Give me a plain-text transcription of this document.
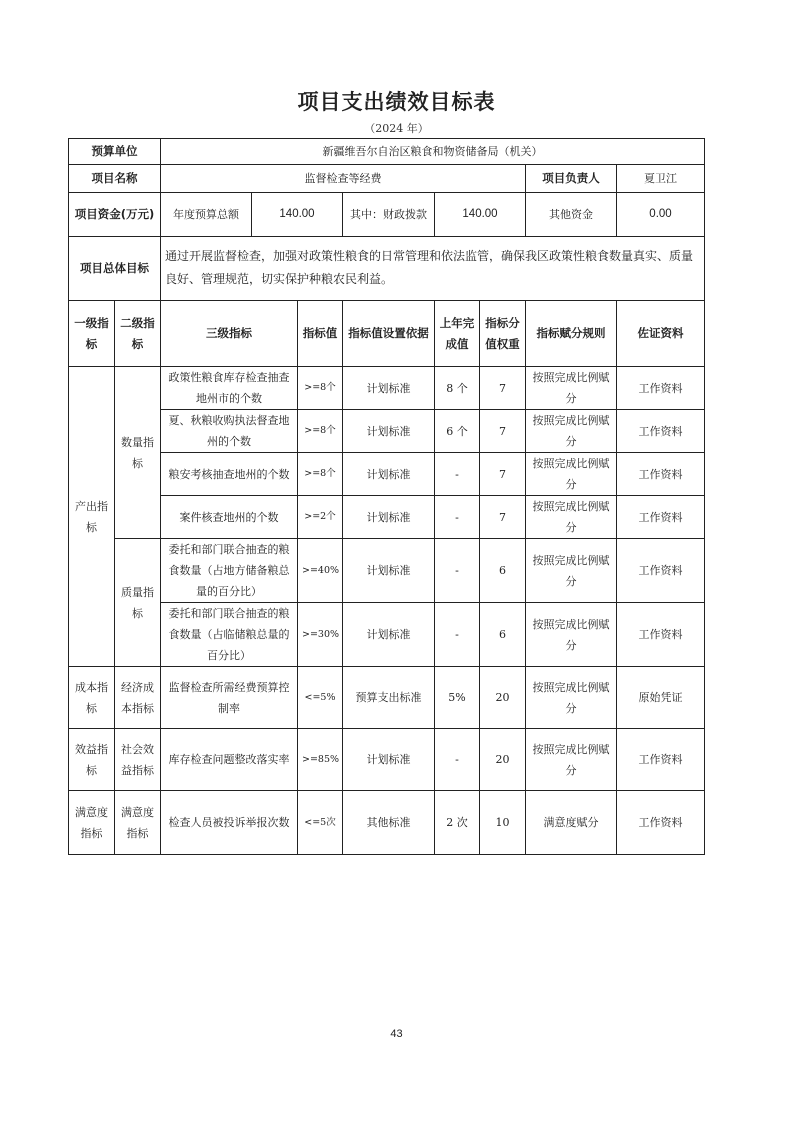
项目支出绩效目标表
（2024 年）
预算单位		新疆维吾尔自治区粮食和物资储备局（机关）							
项目名称		监督检查等经费						项目负责人	夏卫江
项目资金(万元)		年度预算总额	140.00		其中：财政拨款	140.00		其他资金	0.00
项目总体目标		通过开展监督检查，加强对政策性粮食的日常管理和依法监管，确保我区政策性粮食数量真实、质量良好、管理规范，切实保护种粮农民利益。							
一级指标	二级指标	三级指标		指标值	指标值设置依据	上年完成值	指标分值权重	指标赋分规则	佐证资料
产出指标	数量指标	政策性粮食库存检查抽查地州市的个数		>=8个	计划标准	8 个	7	按照完成比例赋分	工作资料
		夏、秋粮收购执法督查地州的个数		>=8个	计划标准	6 个	7	按照完成比例赋分	工作资料
		粮安考核抽查地州的个数		>=8个	计划标准	-	7	按照完成比例赋分	工作资料
		案件核查地州的个数		>=2个	计划标准	-	7	按照完成比例赋分	工作资料
	质量指标	委托和部门联合抽查的粮食数量（占地方储备粮总量的百分比）		>=40%	计划标准	-	6	按照完成比例赋分	工作资料
		委托和部门联合抽查的粮食数量（占临储粮总量的百分比）		>=30%	计划标准	-	6	按照完成比例赋分	工作资料
成本指标	经济成本指标	监督检查所需经费预算控制率		<=5%	预算支出标准	5%	20	按照完成比例赋分	原始凭证
效益指标	社会效益指标	库存检查问题整改落实率		>=85%	计划标准	-	20	按照完成比例赋分	工作资料
满意度指标	满意度指标	检查人员被投诉举报次数		<=5次	其他标准	2 次	10	满意度赋分	工作资料
43
